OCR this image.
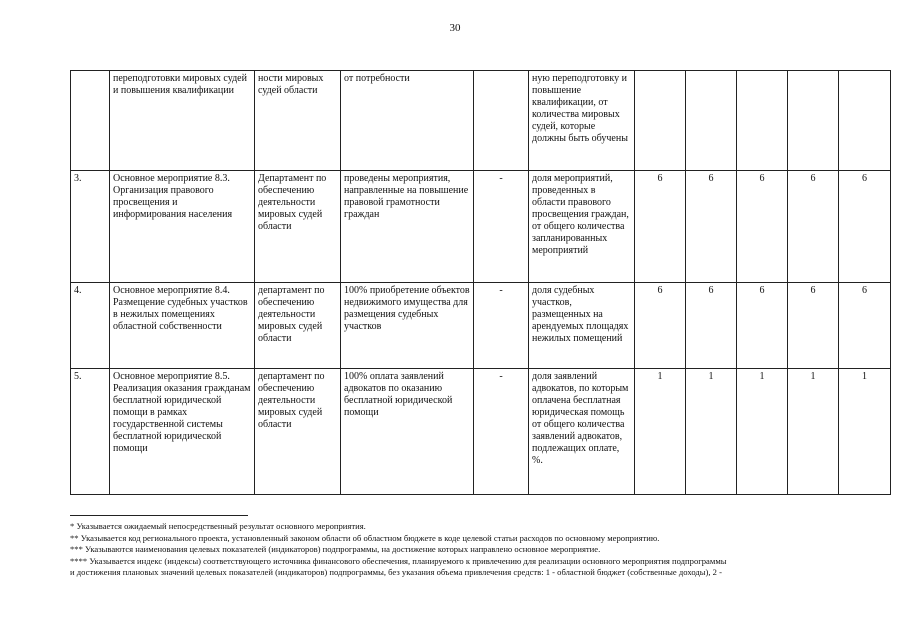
30
	переподготовки мировых судей и повышения квалификации	ности мировых судей области	от потребности		ную переподготовку и повышение квалификации, от количества мировых судей, которые должны быть обучены					
3.	Основное мероприятие 8.3. Организация правового просвещения и информирования населения	Департамент по обеспечению деятельности мировых судей области	проведены мероприятия, направленные на повышение правовой грамотности граждан	-	доля мероприятий, проведенных в области правового просвещения граждан, от общего количества запланированных мероприятий	6	6	6	6	6
4.	Основное мероприятие 8.4. Размещение судебных участков в нежилых помещениях областной собственности	департамент по обеспечению деятельности мировых судей области	100% приобретение объектов недвижимого имущества для размещения судебных участков	-	доля судебных участков, размещенных на арендуемых площадях нежилых помещений	6	6	6	6	6
5.	Основное мероприятие 8.5. Реализация оказания гражданам бесплатной юридической помощи в рамках государственной системы бесплатной юридической помощи	департамент по обеспечению деятельности мировых судей области	100% оплата заявлений адвокатов по оказанию бесплатной юридической помощи	-	доля заявлений адвокатов, по которым оплачена бесплатная юридическая помощь от общего количества заявлений адвокатов, подлежащих оплате, %.	1	1	1	1	1
* Указывается ожидаемый непосредственный результат основного мероприятия.
** Указывается код регионального проекта, установленный законом области об областном бюджете в коде целевой статьи расходов по основному мероприятию.
*** Указываются наименования целевых показателей (индикаторов) подпрограммы, на достижение которых направлено основное мероприятие.
**** Указывается индекс (индексы) соответствующего источника финансового обеспечения, планируемого к привлечению для реализации основного мероприятия подпрограммы
и достижения плановых значений целевых показателей (индикаторов) подпрограммы, без указания объема привлечения средств: 1 - областной бюджет (собственные доходы), 2 -
